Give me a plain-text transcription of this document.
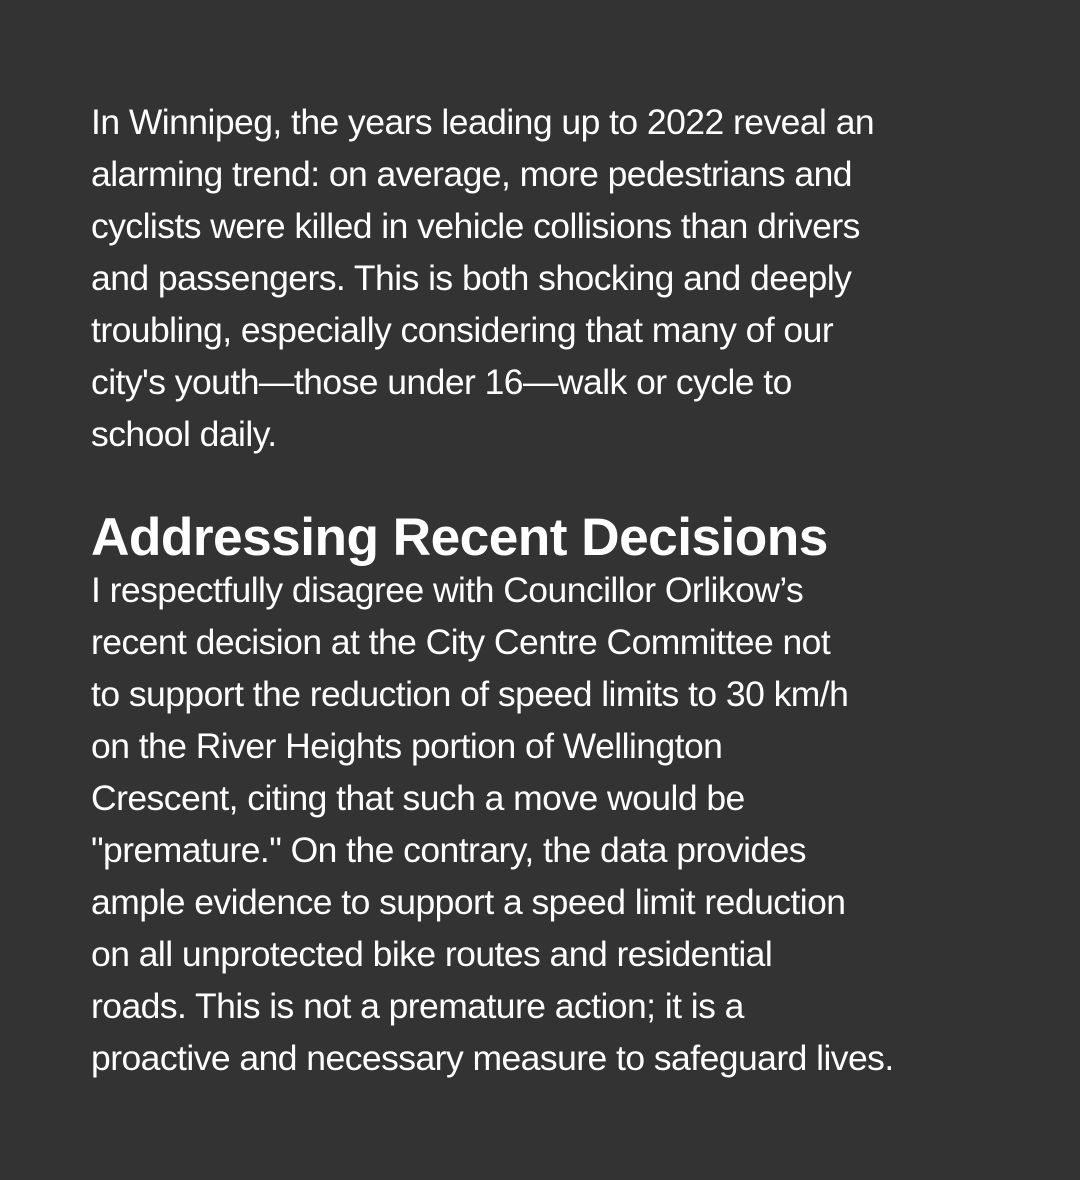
In Winnipeg, the years leading up to 2022 reveal an
alarming trend: on average, more pedestrians and
cyclists were killed in vehicle collisions than drivers
and passengers. This is both shocking and deeply
troubling, especially considering that many of our
city's youth—those under 16—walk or cycle to
school daily.

Addressing Recent Decisions

I respectfully disagree with Councillor Orlikow’s
recent decision at the City Centre Committee not
to support the reduction of speed limits to 30 km/h
on the River Heights portion of Wellington
Crescent, citing that such a move would be
"premature." On the contrary, the data provides
ample evidence to support a speed limit reduction
on all unprotected bike routes and residential
roads. This is not a premature action; it is a
proactive and necessary measure to safeguard lives.
